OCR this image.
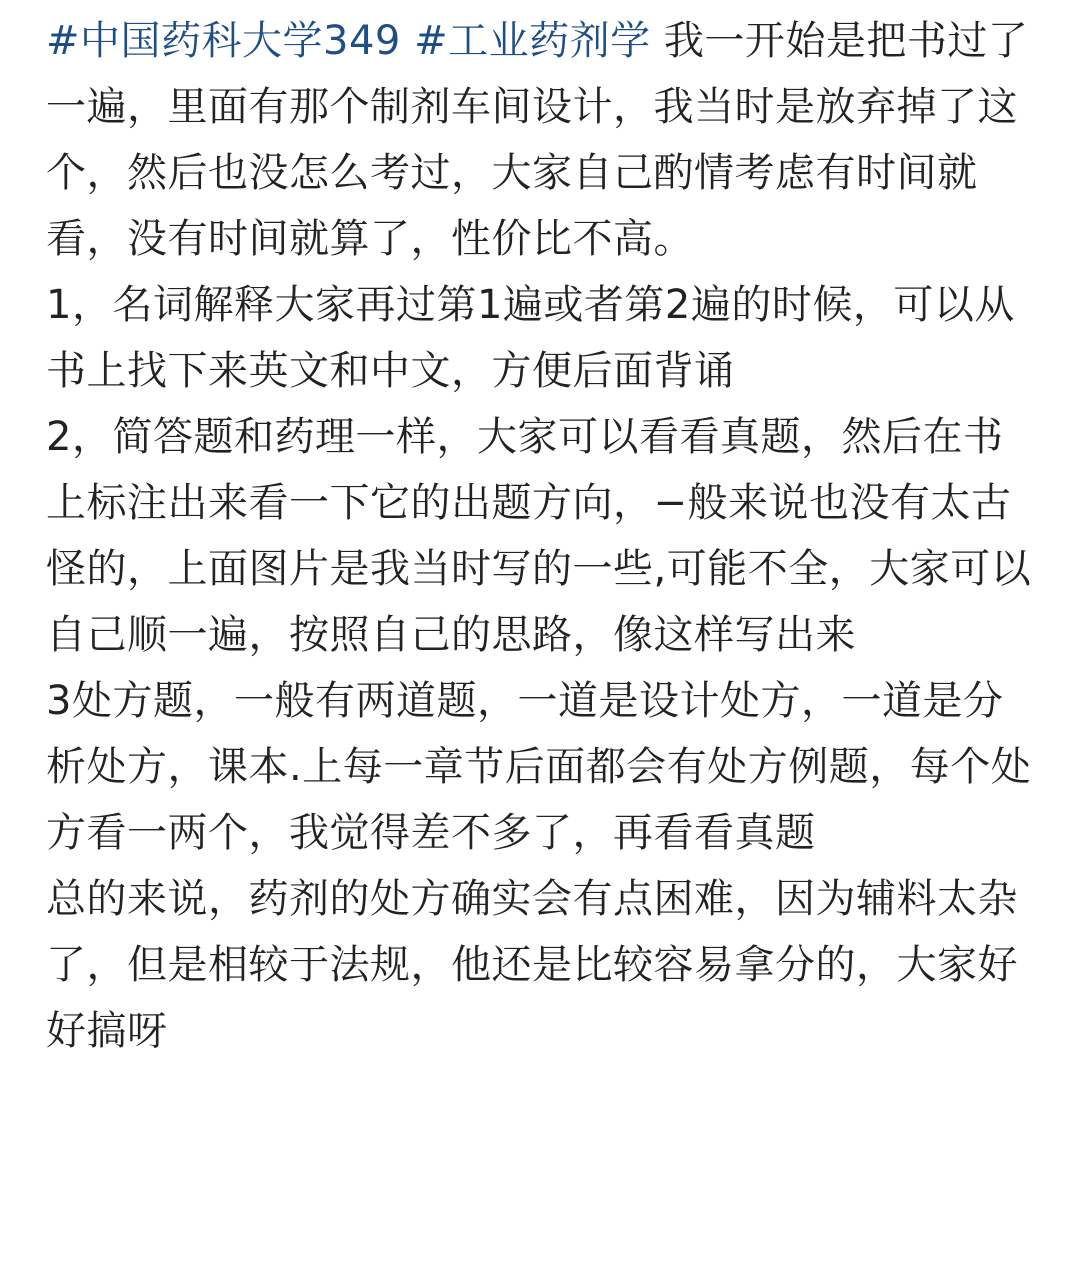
#中国药科大学349 #工业药剂学 我一开始是把书过了一遍，里面有那个制剂车间设计，我当时是放弃掉了这个，然后也没怎么考过，大家自己酌情考虑有时间就看，没有时间就算了，性价比不高。

1，名词解释大家再过第1遍或者第2遍的时候，可以从书上找下来英文和中文，方便后面背诵

2，简答题和药理一样，大家可以看看真题，然后在书上标注出来看一下它的出题方向，−般来说也没有太古怪的，上面图片是我当时写的一些,可能不全，大家可以自己顺一遍，按照自己的思路，像这样写出来

3处方题，一般有两道题，一道是设计处方，一道是分析处方，课本.上每一章节后面都会有处方例题，每个处方看一两个，我觉得差不多了，再看看真题

总的来说，药剂的处方确实会有点困难，因为辅料太杂了，但是相较于法规，他还是比较容易拿分的，大家好好搞呀
